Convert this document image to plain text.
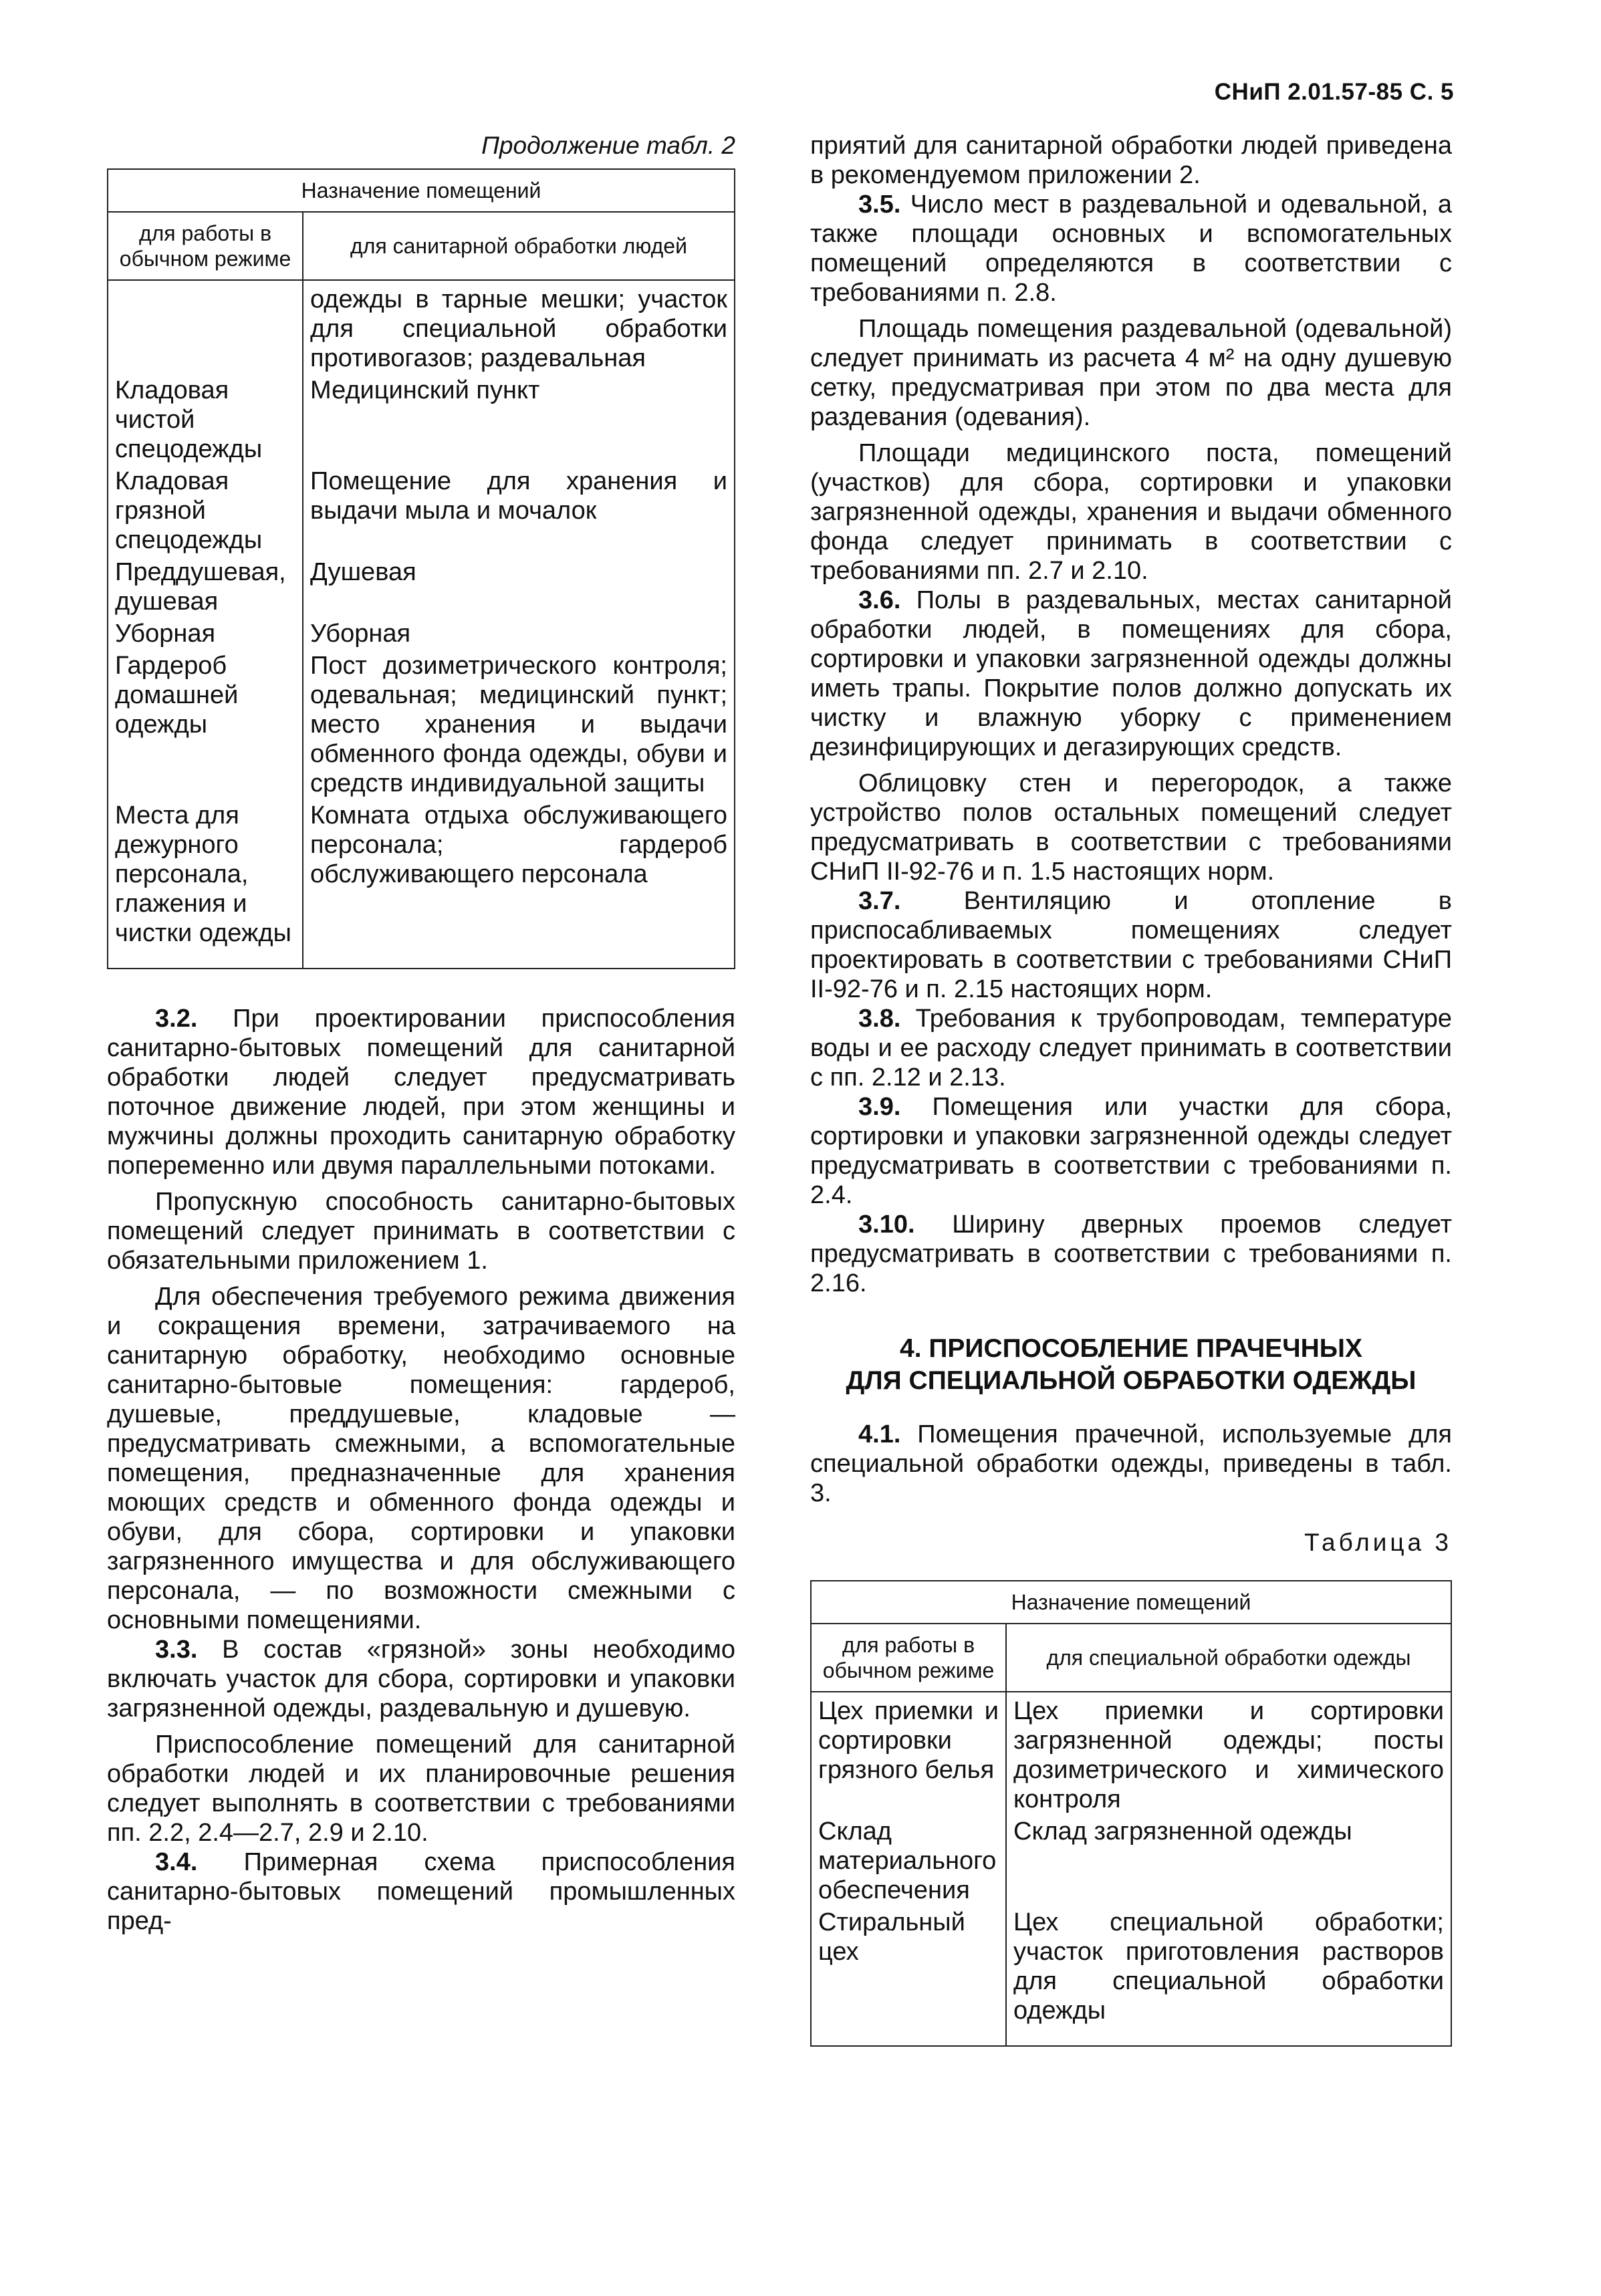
СНиП 2.01.57-85 С. 5
Продолжение табл. 2
Назначение помещений	
для работы в обычном режиме	для санитарной обработки людей
	одежды в тарные мешки; участок для специальной обработки противогазов; раздевальная
Кладовая чистой спецодежды	Медицинский пункт
Кладовая грязной спецодежды	Помещение для хранения и выдачи мыла и мочалок
Преддушевая, душевая	Душевая
Уборная	Уборная
Гардероб домашней одежды	Пост дозиметрического контроля; одевальная; медицинский пункт; место хранения и выдачи обменного фонда одежды, обуви и средств индивидуальной защиты
Места для дежурного персонала, глажения и чистки одежды	Комната отдыха обслуживающего персонала; гардероб обслуживающего персонала

3.2. При проектировании приспособления санитарно-бытовых помещений для санитарной обработки людей следует предусматривать поточное движение людей, при этом женщины и мужчины должны проходить санитарную обработку попеременно или двумя параллельными потоками.

Пропускную способность санитарно-бытовых помещений следует принимать в соответствии с обязательными приложением 1.

Для обеспечения требуемого режима движения и сокращения времени, затрачиваемого на санитарную обработку, необходимо основные санитарно-бытовые помещения: гардероб, душевые, преддушевые, кладовые — предусматривать смежными, а вспомогательные помещения, предназначенные для хранения моющих средств и обменного фонда одежды и обуви, для сбора, сортировки и упаковки загрязненного имущества и для обслуживающего персонала, — по возможности смежными с основными помещениями.

3.3. В состав «грязной» зоны необходимо включать участок для сбора, сортировки и упаковки загрязненной одежды, раздевальную и душевую.

Приспособление помещений для санитарной обработки людей и их планировочные решения следует выполнять в соответствии с требованиями пп. 2.2, 2.4—2.7, 2.9 и 2.10.

3.4. Примерная схема приспособления санитарно-бытовых помещений промышленных пред-

приятий для санитарной обработки людей приведена в рекомендуемом приложении 2.

3.5. Число мест в раздевальной и одевальной, а также площади основных и вспомогательных помещений определяются в соответствии с требованиями п. 2.8.

Площадь помещения раздевальной (одевальной) следует принимать из расчета 4 м² на одну душевую сетку, предусматривая при этом по два места для раздевания (одевания).

Площади медицинского поста, помещений (участков) для сбора, сортировки и упаковки загрязненной одежды, хранения и выдачи обменного фонда следует принимать в соответствии с требованиями пп. 2.7 и 2.10.

3.6. Полы в раздевальных, местах санитарной обработки людей, в помещениях для сбора, сортировки и упаковки загрязненной одежды должны иметь трапы. Покрытие полов должно допускать их чистку и влажную уборку с применением дезинфицирующих и дегазирующих средств.

Облицовку стен и перегородок, а также устройство полов остальных помещений следует предусматривать в соответствии с требованиями СНиП II-92-76 и п. 1.5 настоящих норм.

3.7. Вентиляцию и отопление в приспосабливаемых помещениях следует проектировать в соответствии с требованиями СНиП II-92-76 и п. 2.15 настоящих норм.

3.8. Требования к трубопроводам, температуре воды и ее расходу следует принимать в соответствии с пп. 2.12 и 2.13.

3.9. Помещения или участки для сбора, сортировки и упаковки загрязненной одежды следует предусматривать в соответствии с требованиями п. 2.4.

3.10. Ширину дверных проемов следует предусматривать в соответствии с требованиями п. 2.16.

4. ПРИСПОСОБЛЕНИЕ ПРАЧЕЧНЫХ
ДЛЯ СПЕЦИАЛЬНОЙ ОБРАБОТКИ ОДЕЖДЫ

4.1. Помещения прачечной, используемые для специальной обработки одежды, приведены в табл. 3.

Таблица 3
Назначение помещений	
для работы в обычном режиме	для специальной обработки одежды
Цех приемки и сортировки грязного белья	Цех приемки и сортировки загрязненной одежды; посты дозиметрического и химического контроля
Склад материального обеспечения	Склад загрязненной одежды
Стиральный цех	Цех специальной обработки; участок приготовления растворов для специальной обработки одежды
